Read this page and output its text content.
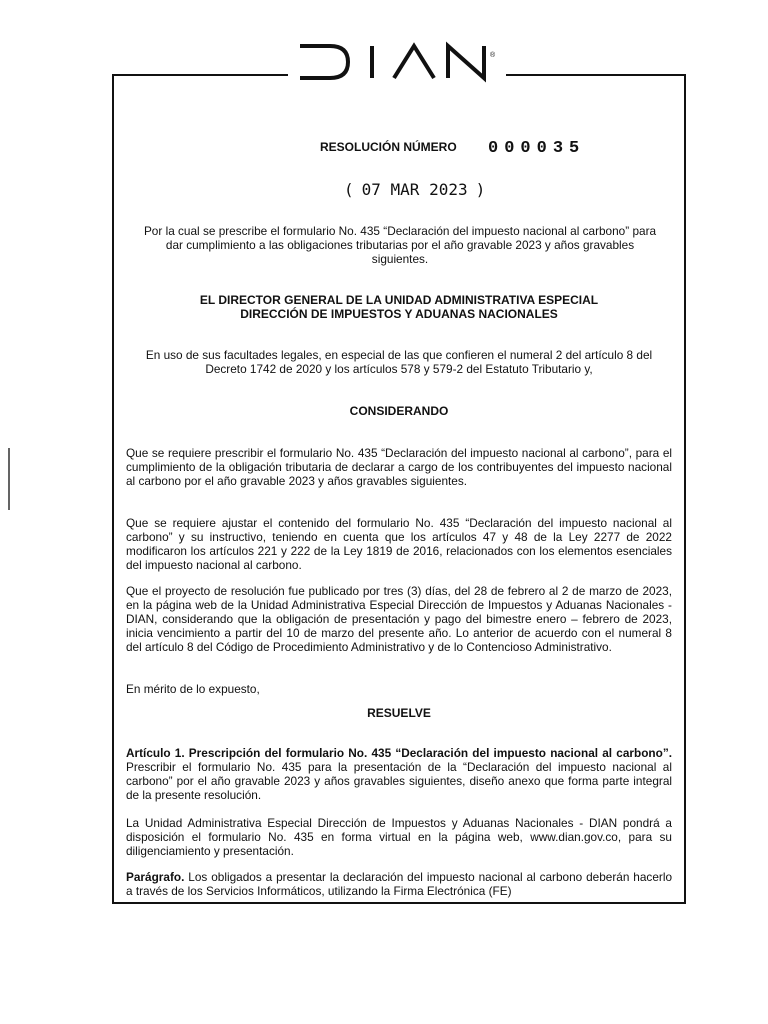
®
RESOLUCIÓN NÚMERO 000035
( 07 MAR 2023 )

Por la cual se prescribe el formulario No. 435 “Declaración del impuesto nacional al carbono” para dar cumplimiento a las obligaciones tributarias por el año gravable 2023 y años gravables siguientes.

EL DIRECTOR GENERAL DE LA UNIDAD ADMINISTRATIVA ESPECIAL
DIRECCIÓN DE IMPUESTOS Y ADUANAS NACIONALES

En uso de sus facultades legales, en especial de las que confieren el numeral 2 del artículo 8 del Decreto 1742 de 2020 y los artículos 578 y 579-2 del Estatuto Tributario y,

CONSIDERANDO

Que se requiere prescribir el formulario No. 435 “Declaración del impuesto nacional al carbono”, para el cumplimiento de la obligación tributaria de declarar a cargo de los contribuyentes del impuesto nacional al carbono por el año gravable 2023 y años gravables siguientes.

Que se requiere ajustar el contenido del formulario No. 435 “Declaración del impuesto nacional al carbono” y su instructivo, teniendo en cuenta que los artículos 47 y 48 de la Ley 2277 de 2022 modificaron los artículos 221 y 222 de la Ley 1819 de 2016, relacionados con los elementos esenciales del impuesto nacional al carbono.

Que el proyecto de resolución fue publicado por tres (3) días, del 28 de febrero al 2 de marzo de 2023, en la página web de la Unidad Administrativa Especial Dirección de Impuestos y Aduanas Nacionales - DIAN, considerando que la obligación de presentación y pago del bimestre enero – febrero de 2023, inicia vencimiento a partir del 10 de marzo del presente año. Lo anterior de acuerdo con el numeral 8 del artículo 8 del Código de Procedimiento Administrativo y de lo Contencioso Administrativo.

En mérito de lo expuesto,

RESUELVE

Artículo 1. Prescripción del formulario No. 435 “Declaración del impuesto nacional al carbono”. Prescribir el formulario No. 435 para la presentación de la “Declaración del impuesto nacional al carbono” por el año gravable 2023 y años gravables siguientes, diseño anexo que forma parte integral de la presente resolución.

La Unidad Administrativa Especial Dirección de Impuestos y Aduanas Nacionales - DIAN pondrá a disposición el formulario No. 435 en forma virtual en la página web, www.dian.gov.co, para su diligenciamiento y presentación.

Parágrafo. Los obligados a presentar la declaración del impuesto nacional al carbono deberán hacerlo a través de los Servicios Informáticos, utilizando la Firma Electrónica (FE)
